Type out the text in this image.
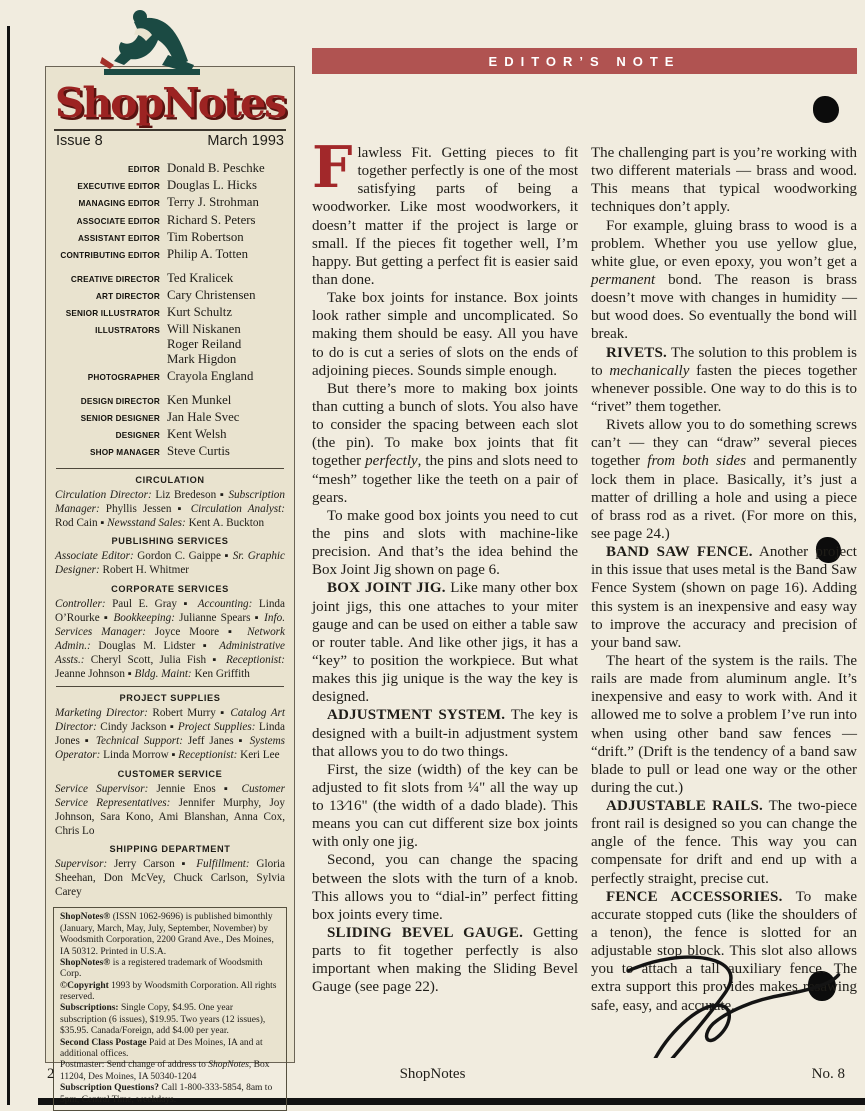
ShopNotes
Issue 8	March 1993
EDITOR Donald B. Peschke
EXECUTIVE EDITOR Douglas L. Hicks
MANAGING EDITOR Terry J. Strohman
ASSOCIATE EDITOR Richard S. Peters
ASSISTANT EDITOR Tim Robertson
CONTRIBUTING EDITOR Philip A. Totten
CREATIVE DIRECTOR Ted Kralicek
ART DIRECTOR Cary Christensen
SENIOR ILLUSTRATOR Kurt Schultz
ILLUSTRATORS Will Niskanen
Roger Reiland
Mark Higdon
PHOTOGRAPHER Crayola England
DESIGN DIRECTOR Ken Munkel
SENIOR DESIGNER Jan Hale Svec
DESIGNER Kent Welsh
SHOP MANAGER Steve Curtis
CIRCULATION

Circulation Director: Liz Bredeson ▪ Subscription Manager: Phyllis Jessen ▪ Circulation Analyst: Rod Cain ▪ Newsstand Sales: Kent A. Buckton

PUBLISHING SERVICES

Associate Editor: Gordon C. Gaippe ▪ Sr. Graphic Designer: Robert H. Whitmer

CORPORATE SERVICES

Controller: Paul E. Gray ▪ Accounting: Linda O’Rourke ▪ Bookkeeping: Julianne Spears ▪ Info. Services Manager: Joyce Moore ▪ Network Admin.: Douglas M. Lidster ▪ Administrative Assts.: Cheryl Scott, Julia Fish ▪ Receptionist: Jeanne Johnson ▪ Bldg. Maint: Ken Griffith

PROJECT SUPPLIES

Marketing Director: Robert Murry ▪ Catalog Art Director: Cindy Jackson ▪ Project Supplies: Linda Jones ▪ Technical Support: Jeff Janes ▪ Systems Operator: Linda Morrow ▪ Receptionist: Keri Lee

CUSTOMER SERVICE

Service Supervisor: Jennie Enos ▪ Customer Service Representatives: Jennifer Murphy, Joy Johnson, Sara Kono, Ami Blanshan, Anna Cox, Chris Lo

SHIPPING DEPARTMENT

Supervisor: Jerry Carson ▪ Fulfillment: Gloria Sheehan, Don McVey, Chuck Carlson, Sylvia Carey

ShopNotes® (ISSN 1062-9696) is published bimonthly (January, March, May, July, September, November) by Woodsmith Corporation, 2200 Grand Ave., Des Moines, IA 50312. Printed in U.S.A.

ShopNotes® is a registered trademark of Woodsmith Corp.

©Copyright 1993 by Woodsmith Corporation. All rights reserved.

Subscriptions: Single Copy, $4.95. One year subscription (6 issues), $19.95. Two years (12 issues), $35.95. Canada/Foreign, add $4.00 per year.

Second Class Postage Paid at Des Moines, IA and at additional offices.

Postmaster: Send change of address to ShopNotes, Box 11204, Des Moines, IA 50340-1204

Subscription Questions? Call 1-800-333-5854, 8am to 5pm, Central Time, weekdays.

EDITOR’S NOTE

Flawless Fit. Getting pieces to fit together perfectly is one of the most satisfying parts of being a woodworker. Like most woodworkers, it doesn’t matter if the project is large or small. If the pieces fit together well, I’m happy. But getting a perfect fit is easier said than done.

Take box joints for instance. Box joints look rather simple and uncomplicated. So making them should be easy. All you have to do is cut a series of slots on the ends of adjoining pieces. Sounds simple enough.

But there’s more to making box joints than cutting a bunch of slots. You also have to consider the spacing between each slot (the pin). To make box joints that fit together perfectly, the pins and slots need to “mesh” together like the teeth on a pair of gears.

To make good box joints you need to cut the pins and slots with machine-like precision. And that’s the idea behind the Box Joint Jig shown on page 6.

BOX JOINT JIG. Like many other box joint jigs, this one attaches to your miter gauge and can be used on either a table saw or router table. And like other jigs, it has a “key” to position the workpiece. But what makes this jig unique is the way the key is designed.

ADJUSTMENT SYSTEM. The key is designed with a built-in adjustment system that allows you to do two things.

First, the size (width) of the key can be adjusted to fit slots from ¼" all the way up to 13⁄16" (the width of a dado blade). This means you can cut different size box joints with only one jig.

Second, you can change the spacing between the slots with the turn of a knob. This allows you to “dial-in” perfect fitting box joints every time.

SLIDING BEVEL GAUGE. Getting parts to fit together perfectly is also important when making the Sliding Bevel Gauge (see page 22).

The challenging part is you’re working with two different materials — brass and wood. This means that typical woodworking techniques don’t apply.

For example, gluing brass to wood is a problem. Whether you use yellow glue, white glue, or even epoxy, you won’t get a permanent bond. The reason is brass doesn’t move with changes in humidity — but wood does. So eventually the bond will break.

RIVETS. The solution to this problem is to mechanically fasten the pieces together whenever possible. One way to do this is to “rivet” them together.

Rivets allow you to do something screws can’t — they can “draw” several pieces together from both sides and permanently lock them in place. Basically, it’s just a matter of drilling a hole and using a piece of brass rod as a rivet. (For more on this, see page 24.)

BAND SAW FENCE. Another project in this issue that uses metal is the Band Saw Fence System (shown on page 16). Adding this system is an inexpensive and easy way to improve the accuracy and precision of your band saw.

The heart of the system is the rails. The rails are made from aluminum angle. It’s inexpensive and easy to work with. And it allowed me to solve a problem I’ve run into when using other band saw fences — “drift.” (Drift is the tendency of a band saw blade to pull or lead one way or the other during the cut.)

ADJUSTABLE RAILS. The two-piece front rail is designed so you can change the angle of the fence. This way you can compensate for drift and end up with a perfectly straight, precise cut.

FENCE ACCESSORIES. To make accurate stopped cuts (like the shoulders of a tenon), the fence is slotted for an adjustable stop block. This slot also allows you to attach a tall auxiliary fence. The extra support this provides makes resawing safe, easy, and accurate.

2	ShopNotes	No. 8
